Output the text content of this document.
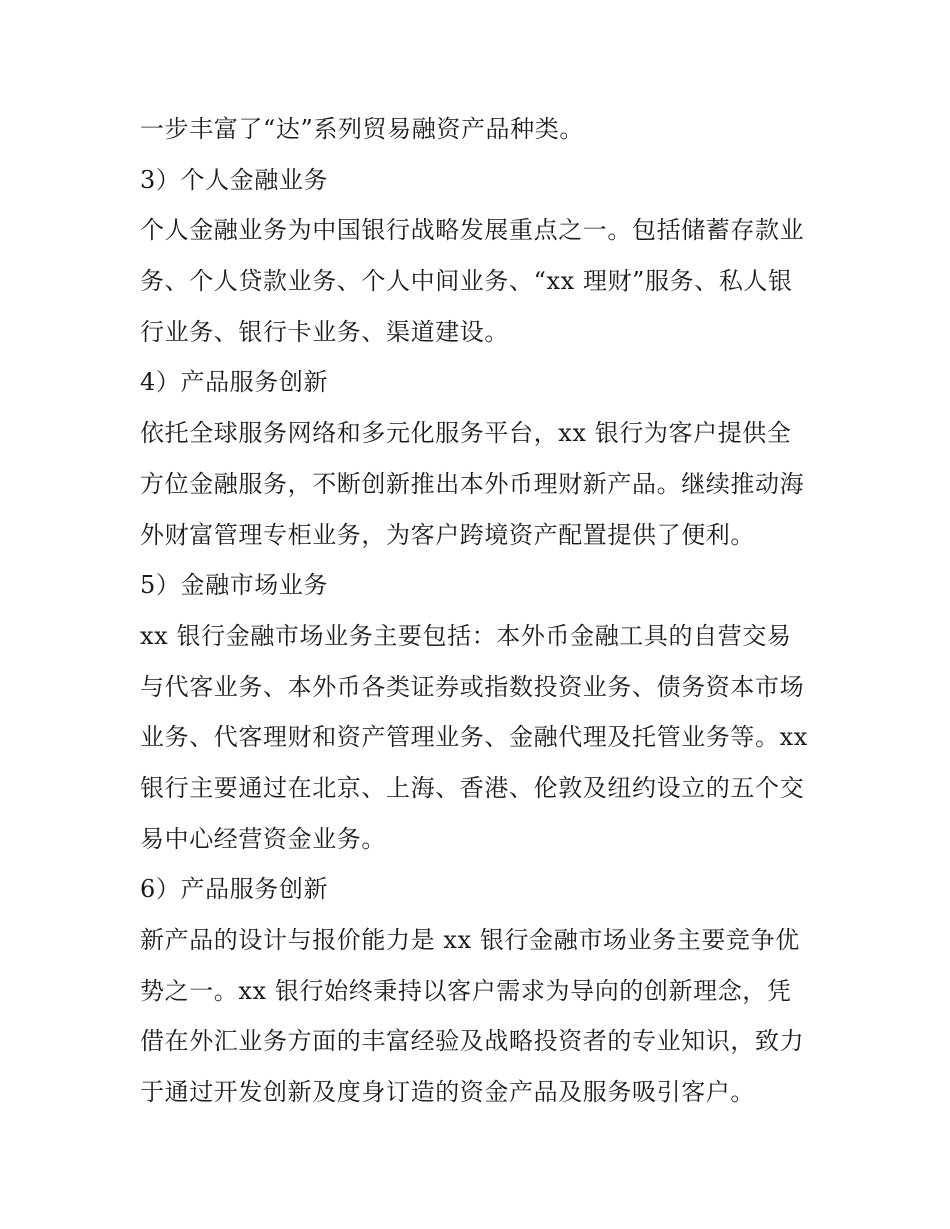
一步丰富了“达”系列贸易融资产品种类。
3）个人金融业务
个人金融业务为中国银行战略发展重点之一。包括储蓄存款业
务、个人贷款业务、个人中间业务、“xx 理财”服务、私人银
行业务、银行卡业务、渠道建设。
4）产品服务创新
依托全球服务网络和多元化服务平台，xx 银行为客户提供全
方位金融服务，不断创新推出本外币理财新产品。继续推动海
外财富管理专柜业务，为客户跨境资产配置提供了便利。
5）金融市场业务
xx 银行金融市场业务主要包括：本外币金融工具的自营交易
与代客业务、本外币各类证券或指数投资业务、债务资本市场
业务、代客理财和资产管理业务、金融代理及托管业务等。xx
银行主要通过在北京、上海、香港、伦敦及纽约设立的五个交
易中心经营资金业务。
6）产品服务创新
新产品的设计与报价能力是 xx 银行金融市场业务主要竞争优
势之一。xx 银行始终秉持以客户需求为导向的创新理念，凭
借在外汇业务方面的丰富经验及战略投资者的专业知识，致力
于通过开发创新及度身订造的资金产品及服务吸引客户。
